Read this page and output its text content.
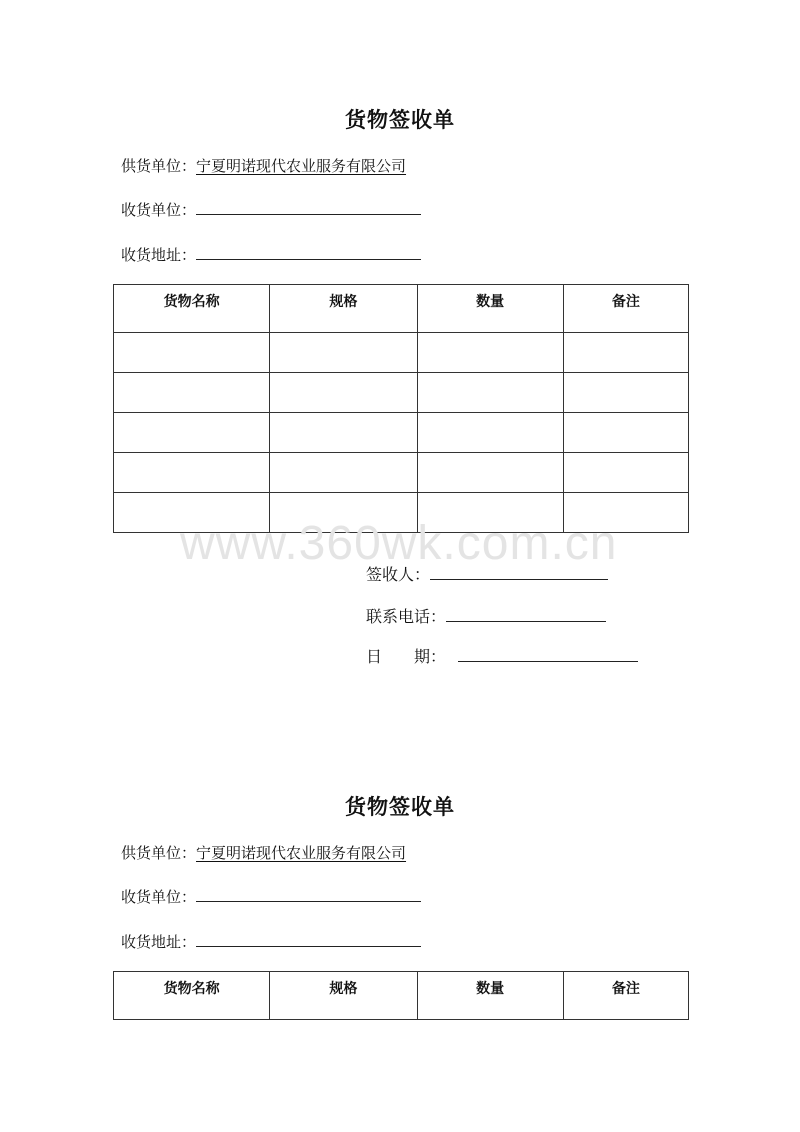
货物签收单
供货单位：宁夏明诺现代农业服务有限公司
收货单位：
收货地址：
货物名称	规格	数量	备注

签收人：
联系电话：
日　　期：
www.360wk.com.cn
货物签收单
供货单位：宁夏明诺现代农业服务有限公司
收货单位：
收货地址：
货物名称	规格	数量	备注
